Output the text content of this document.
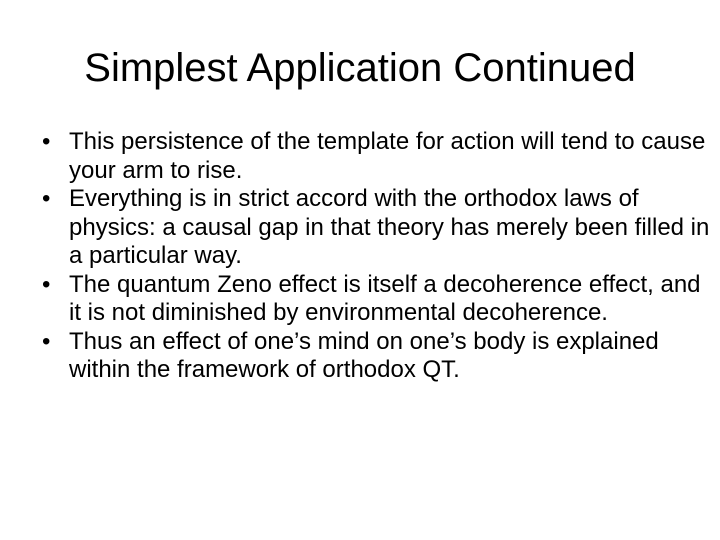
Simplest Application Continued
• This persistence of the template for action will tend to cause your arm to rise.
• Everything is in strict accord with the orthodox laws of physics: a causal gap in that theory has merely been filled in a particular way.
• The quantum Zeno effect is itself a decoherence effect, and it is not diminished by environmental decoherence.
• Thus an effect of one’s mind on one’s body is explained within the framework of orthodox QT.
